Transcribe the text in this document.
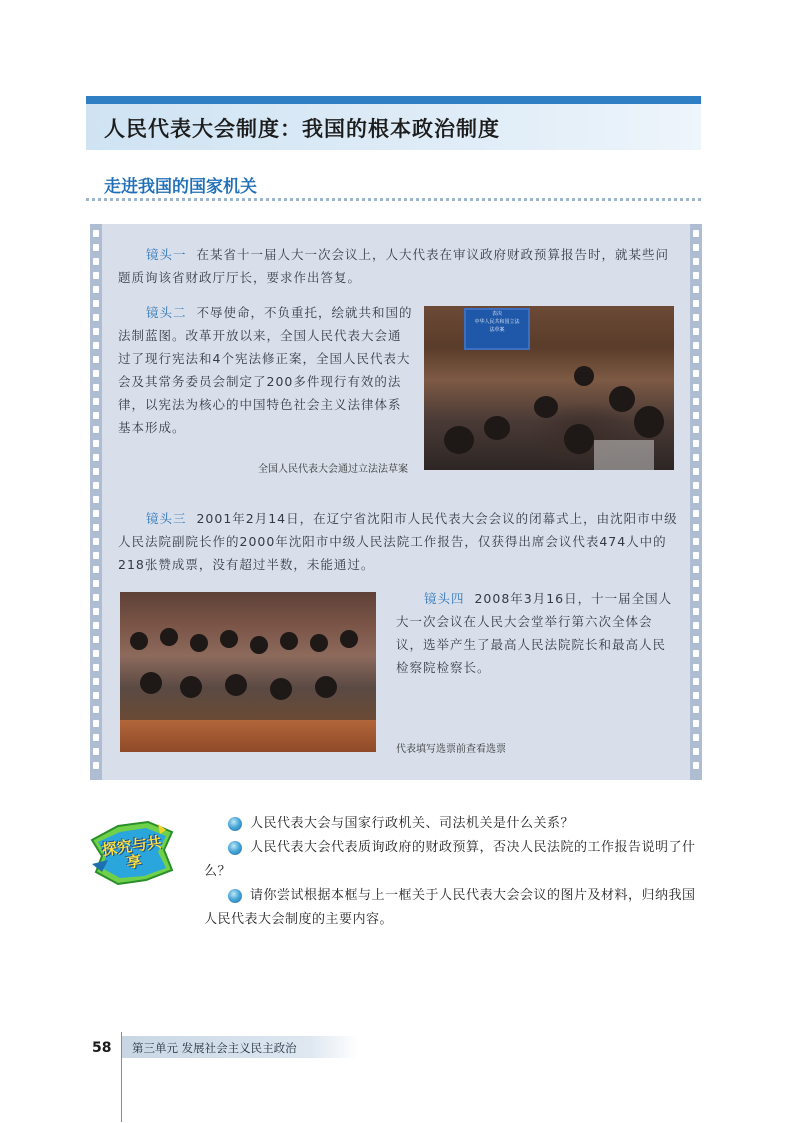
人民代表大会制度：我国的根本政治制度
走进我国的国家机关
镜头一 在某省十一届人大一次会议上，人大代表在审议政府财政预算报告时，就某些问题质询该省财政厅厅长，要求作出答复。
镜头二 不辱使命，不负重托，绘就共和国的法制蓝图。改革开放以来，全国人民代表大会通过了现行宪法和4个宪法修正案，全国人民代表大会及其常务委员会制定了200多件现行有效的法律，以宪法为核心的中国特色社会主义法律体系基本形成。
表决
中华人民共和国立法
法草案
全国人民代表大会通过立法法草案
镜头三 2001年2月14日，在辽宁省沈阳市人民代表大会会议的闭幕式上，由沈阳市中级人民法院副院长作的2000年沈阳市中级人民法院工作报告，仅获得出席会议代表474人中的218张赞成票，没有超过半数，未能通过。
镜头四 2008年3月16日，十一届全国人大一次会议在人民大会堂举行第六次全体会议，选举产生了最高人民法院院长和最高人民检察院检察长。
代表填写选票前查看选票
探究与共享
人民代表大会与国家行政机关、司法机关是什么关系？
人民代表大会代表质询政府的财政预算，否决人民法院的工作报告说明了什么？
请你尝试根据本框与上一框关于人民代表大会会议的图片及材料，归纳我国人民代表大会制度的主要内容。
58 第三单元 发展社会主义民主政治
